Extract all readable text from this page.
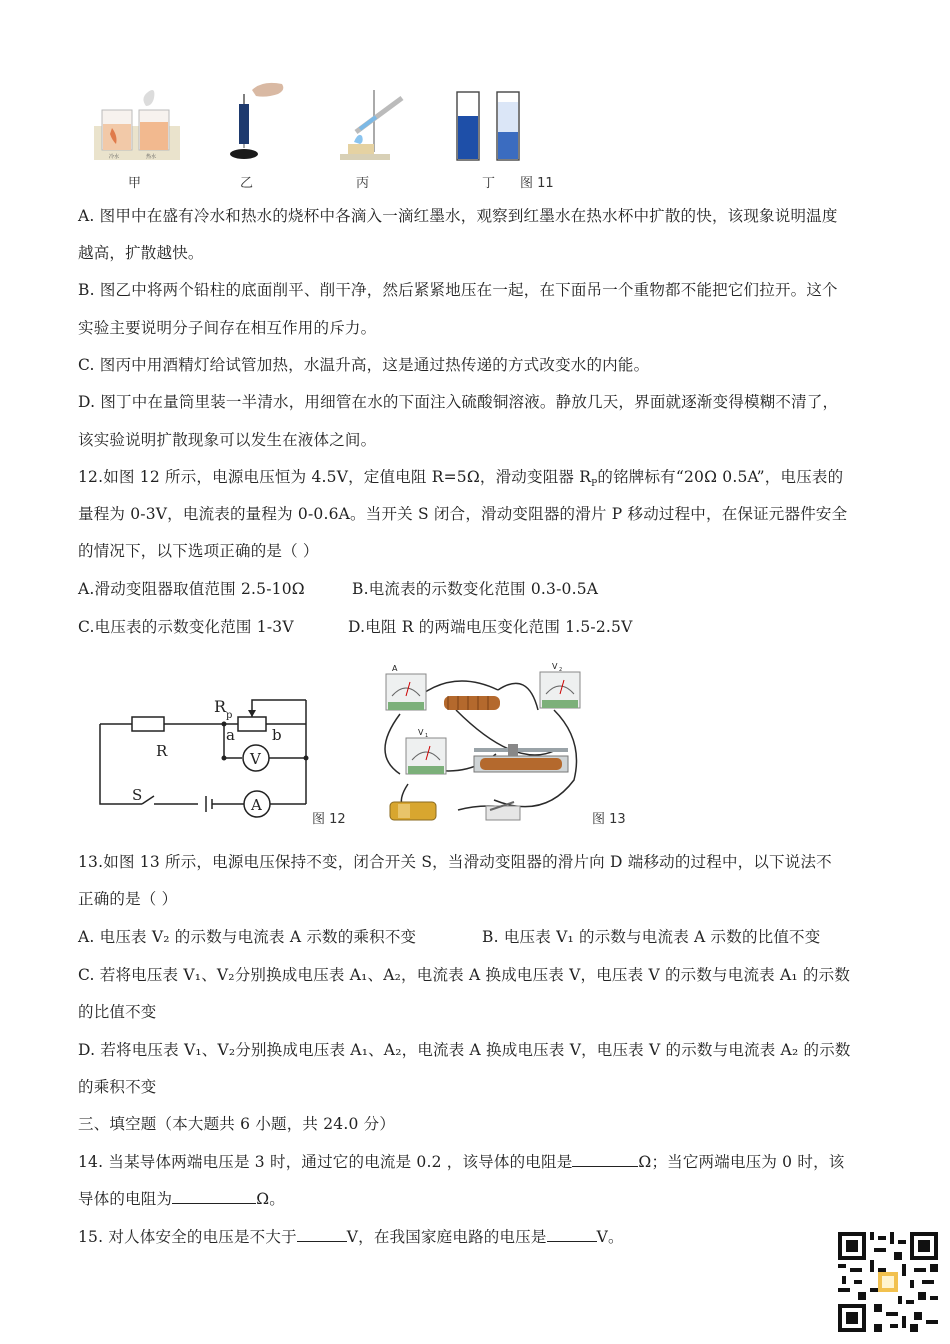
冷水	热水
甲	乙	丙	丁 图 11
A. 图甲中在盛有冷水和热水的烧杯中各滴入一滴红墨水，观察到红墨水在热水杯中扩散的快，该现象说明温度
越高，扩散越快。
B. 图乙中将两个铅柱的底面削平、削干净，然后紧紧地压在一起，在下面吊一个重物都不能把它们拉开。这个
实验主要说明分子间存在相互作用的斥力。
C. 图丙中用酒精灯给试管加热，水温升高，这是通过热传递的方式改变水的内能。
D. 图丁中在量筒里装一半清水，用细管在水的下面注入硫酸铜溶液。静放几天，界面就逐渐变得模糊不清了，
该实验说明扩散现象可以发生在液体之间。
12.如图 12 所示，电源电压恒为 4.5V，定值电阻 R=5Ω，滑动变阻器 $R_P$的铭牌标有“20Ω 0.5A”，电压表的
量程为 0-3V，电流表的量程为 0-0.6A。当开关 S 闭合，滑动变阻器的滑片 P 移动过程中，在保证元器件安全
的情况下，以下选项正确的是（ ）
A.滑动变阻器取值范围 2.5-10Ω	B.电流表的示数变化范围 0.3-0.5A
C.电压表的示数变化范围 1-3V	D.电阻 R 的两端电压变化范围 1.5-2.5V
R p
a b
R
S
V
A
图 12
A	V 2
V 1
图 13
13.如图 13 所示，电源电压保持不变，闭合开关 S，当滑动变阻器的滑片向 D 端移动的过程中，以下说法不
正确的是（ ）
A. 电压表 V₂ 的示数与电流表 A 示数的乘积不变	B. 电压表 V₁ 的示数与电流表 A 示数的比值不变
C. 若将电压表 V₁、V₂分别换成电压表 A₁、A₂，电流表 A 换成电压表 V，电压表 V 的示数与电流表 A₁ 的示数
的比值不变
D. 若将电压表 V₁、V₂分别换成电压表 A₁、A₂，电流表 A 换成电压表 V，电压表 V 的示数与电流表 A₂ 的示数
的乘积不变
三、填空题（本大题共 6 小题，共 24.0 分）
14. 当某导体两端电压是 3 时，通过它的电流是 0.2 ，该导体的电阻是	Ω；当它两端电压为 0 时，该
导体的电阻为	Ω。
15. 对人体安全的电压是不大于	V，在我国家庭电路的电压是	V。
